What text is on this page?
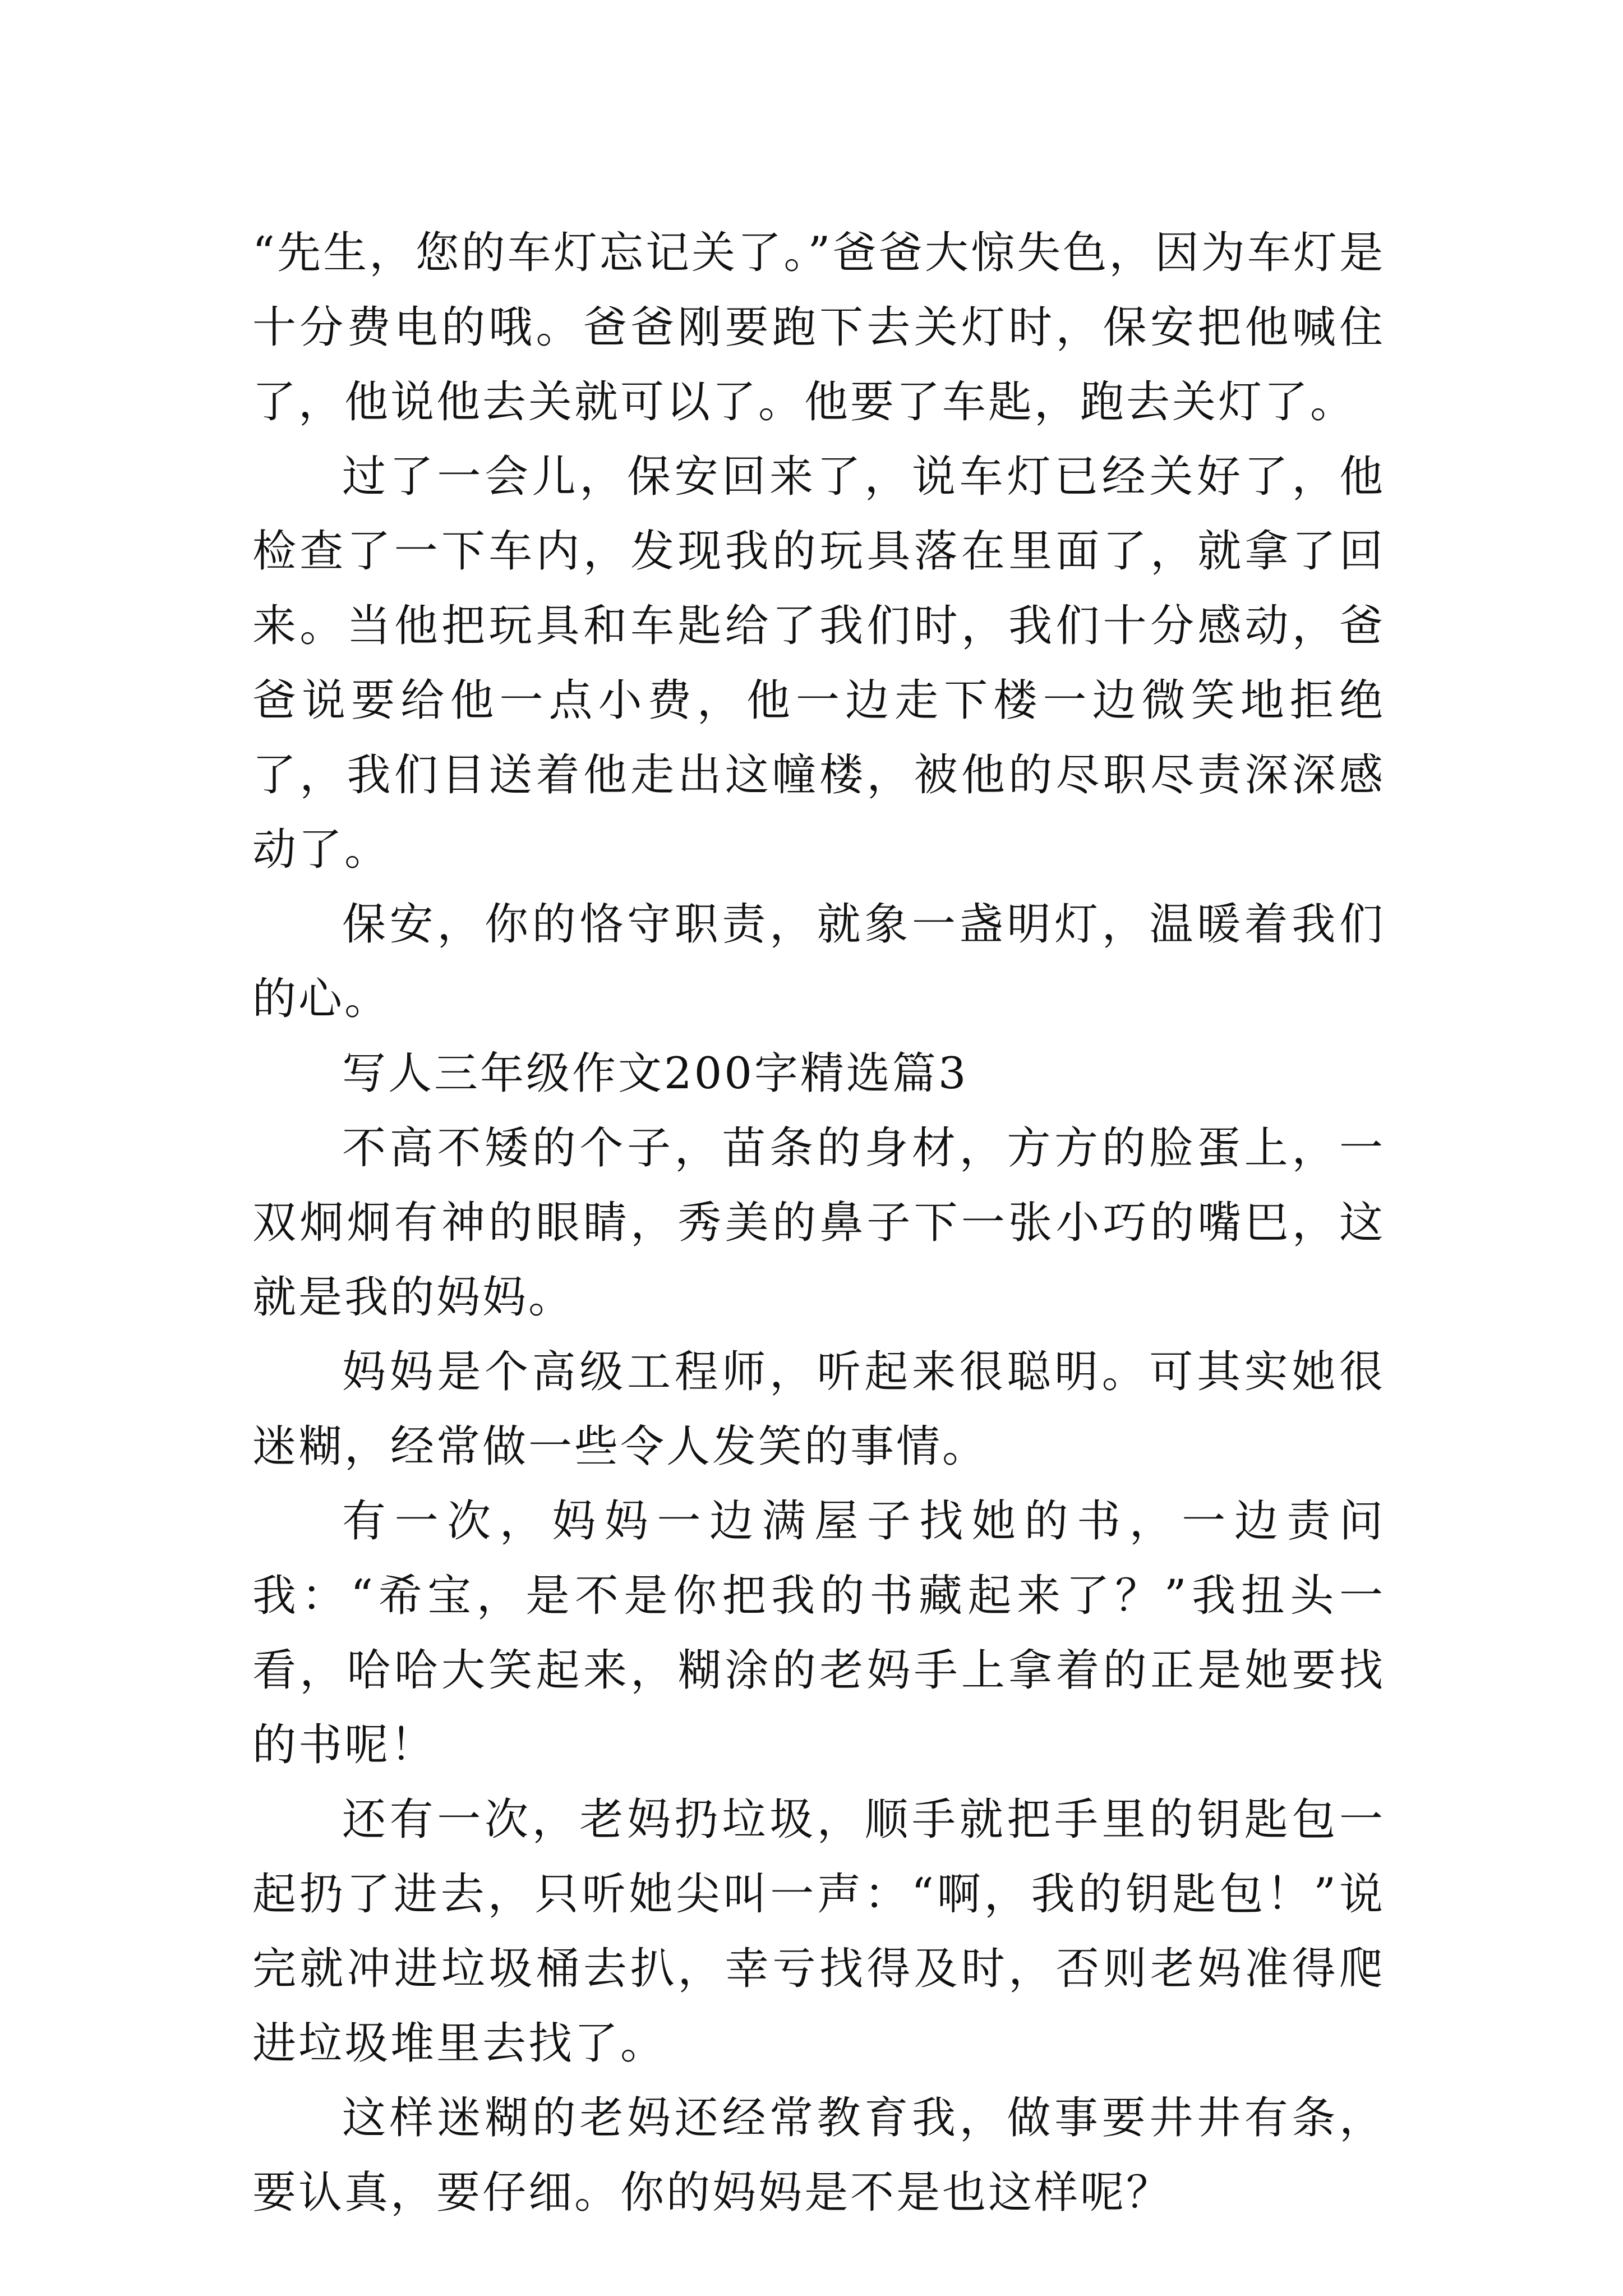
“先生，您的车灯忘记关了。”爸爸大惊失色，因为车灯是十分费电的哦。爸爸刚要跑下去关灯时，保安把他喊住了，他说他去关就可以了。他要了车匙，跑去关灯了。

过了一会儿，保安回来了，说车灯已经关好了，他检查了一下车内，发现我的玩具落在里面了，就拿了回来。当他把玩具和车匙给了我们时，我们十分感动，爸爸说要给他一点小费，他一边走下楼一边微笑地拒绝了，我们目送着他走出这幢楼，被他的尽职尽责深深感动了。

保安，你的恪守职责，就象一盏明灯，温暖着我们的心。

写人三年级作文200字精选篇3

不高不矮的个子，苗条的身材，方方的脸蛋上，一双炯炯有神的眼睛，秀美的鼻子下一张小巧的嘴巴，这就是我的妈妈。

妈妈是个高级工程师，听起来很聪明。可其实她很迷糊，经常做一些令人发笑的事情。

有一次，妈妈一边满屋子找她的书，一边责问我：“希宝，是不是你把我的书藏起来了？”我扭头一看，哈哈大笑起来，糊涂的老妈手上拿着的正是她要找的书呢！

还有一次，老妈扔垃圾，顺手就把手里的钥匙包一起扔了进去，只听她尖叫一声：“啊，我的钥匙包！”说完就冲进垃圾桶去扒，幸亏找得及时，否则老妈准得爬进垃圾堆里去找了。

这样迷糊的老妈还经常教育我，做事要井井有条，要认真，要仔细。你的妈妈是不是也这样呢？
